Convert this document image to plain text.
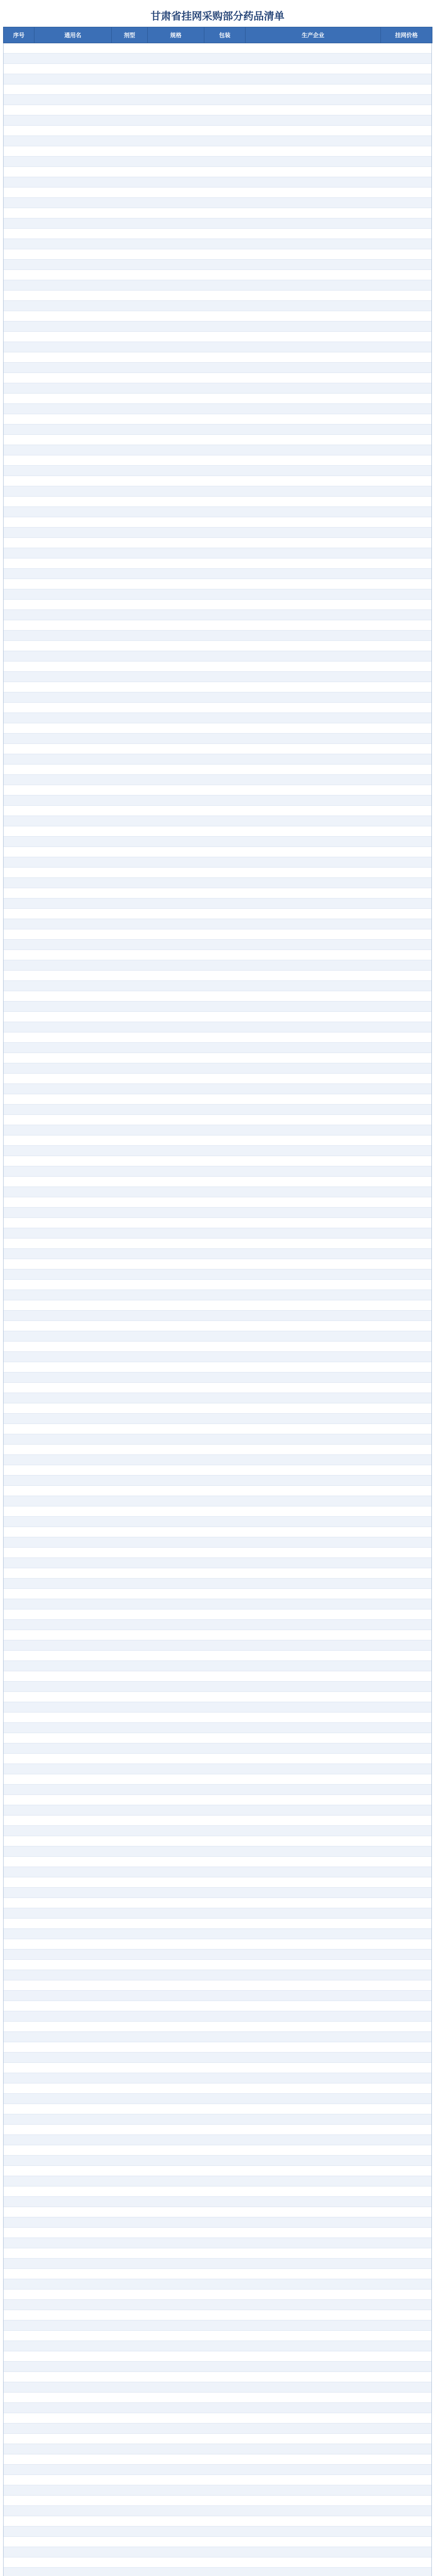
甘肃省挂网采购部分药品清单
序号	通用名	剂型	规格	包装	生产企业	挂网价格
